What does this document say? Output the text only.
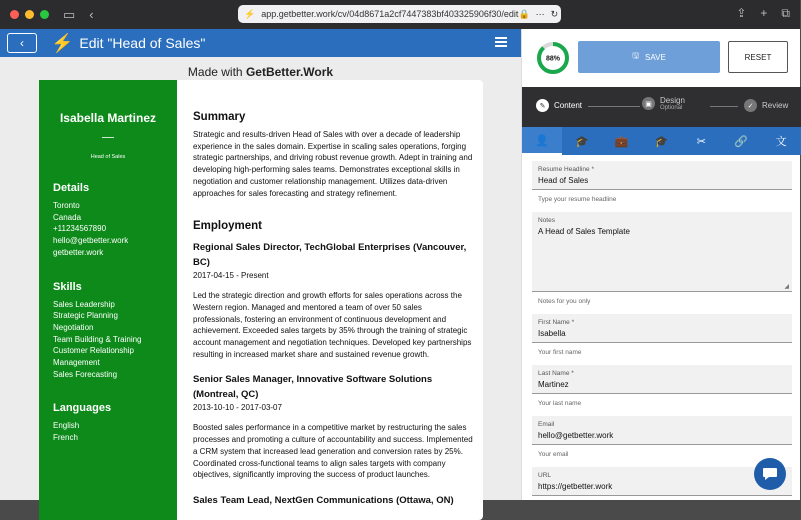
▭ ‹	⚡ app.getbetter.work/cv/04d8671a2cf7447383bf403325906f30/edit 🔒 ⋯ ↻	⇪ + ⧉
‹ ⚡ Edit "Head of Sales"
Made with GetBetter.Work
Isabella Martinez
Head of Sales
Details
Toronto
Canada
+11234567890
hello@getbetter.work
getbetter.work
Skills
Sales Leadership
Strategic Planning
Negotiation
Team Building & Training
Customer Relationship Management
Sales Forecasting
Languages
English
French
Summary
Strategic and results-driven Head of Sales with over a decade of leadership experience in the sales domain. Expertise in scaling sales operations, forging strategic partnerships, and driving robust revenue growth. Adept in training and developing high-performing sales teams. Demonstrates exceptional skills in negotiation and customer relationship management. Utilizes data-driven approaches for sales forecasting and strategy refinement.
Employment
Regional Sales Director, TechGlobal Enterprises (Vancouver, BC)
2017-04-15 - Present
Led the strategic direction and growth efforts for sales operations across the Western region. Managed and mentored a team of over 50 sales professionals, fostering an environment of continuous development and achievement. Exceeded sales targets by 35% through the training of strategic account management and negotiation techniques. Developed key partnerships resulting in increased market share and sustained revenue growth.
Senior Sales Manager, Innovative Software Solutions (Montreal, QC)
2013-10-10 - 2017-03-07
Boosted sales performance in a competitive market by restructuring the sales processes and promoting a culture of accountability and success. Implemented a CRM system that increased lead generation and conversion rates by 25%. Coordinated cross-functional teams to align sales targets with company objectives, significantly improving the success of product launches.
Sales Team Lead, NextGen Communications (Ottawa, ON)
88%	🖫 SAVE	RESET
✎	Content	▣	Design
Optional	✓	Review
👤 🎓 💼 🎓	✂	🔗	文
Resume Headline *
Head of Sales
Type your resume headline
Notes
A Head of Sales Template
◢
Notes for you only
First Name *
Isabella
Your first name
Last Name *
Martinez
Your last name
Email
hello@getbetter.work
Your email
URL
https://getbetter.work
